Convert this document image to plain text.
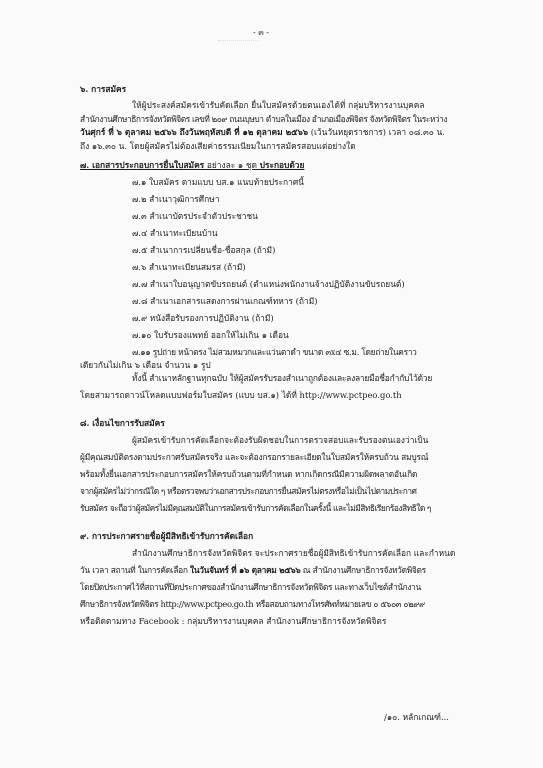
- ๓ -
๖. การสมัคร
ให้ผู้ประสงค์สมัครเข้ารับคัดเลือก ยื่นใบสมัครด้วยตนเองได้ที่ กลุ่มบริหารงานบุคคล
สำนักงานศึกษาธิการจังหวัดพิจิตร เลขที่ ๒๐๙ ถนนบุษบา ตำบลในเมือง อำเภอเมืองพิจิตร จังหวัดพิจิตร ในระหว่าง
วันศุกร์ ที่ ๖ ตุลาคม ๒๕๖๖ ถึงวันพฤหัสบดี ที่ ๑๒ ตุลาคม ๒๕๖๖ (เว้นวันหยุดราชการ) เวลา ๐๘.๓๐ น.
ถึง ๑๖.๓๐ น. โดยผู้สมัครไม่ต้องเสียค่าธรรมเนียมในการสมัครสอบแต่อย่างใด
๗. เอกสารประกอบการยื่นใบสมัคร อย่างละ ๑ ชุด ประกอบด้วย
๗.๑ ใบสมัคร ตามแบบ บส.๑ แนบท้ายประกาศนี้
๗.๒ สำเนาวุฒิการศึกษา
๗.๓ สำเนาบัตรประจำตัวประชาชน
๗.๔ สำเนาทะเบียนบ้าน
๗.๕ สำเนาการเปลี่ยนชื่อ-ชื่อสกุล (ถ้ามี)
๗.๖ สำเนาทะเบียนสมรส (ถ้ามี)
๗.๗ สำเนาใบอนุญาตขับรถยนต์ (ตำแหน่งพนักงานจ้างปฏิบัติงานขับรถยนต์)
๗.๘ สำเนาเอกสารแสดงการผ่านเกณฑ์ทหาร (ถ้ามี)
๗.๙ หนังสือรับรองการปฏิบัติงาน (ถ้ามี)
๗.๑๐ ใบรับรองแพทย์ ออกให้ไม่เกิน ๑ เดือน
๗.๑๑ รูปถ่าย หน้าตรง ไม่สวมหมวกและแว่นตาดำ ขนาด ๓x๔ ซ.ม. โดยถ่ายในคราว
เดียวกันไม่เกิน ๖ เดือน จำนวน ๑ รูป
ทั้งนี้ สำเนาหลักฐานทุกฉบับ ให้ผู้สมัครรับรองสำเนาถูกต้องและลงลายมือชื่อกำกับไว้ด้วย
โดยสามารถดาวน์โหลดแบบฟอร์มใบสมัคร (แบบ บส.๑) ได้ที่ http://www.pctpeo.go.th
๘. เงื่อนไขการรับสมัคร
ผู้สมัครเข้ารับการคัดเลือกจะต้องรับผิดชอบในการตรวจสอบและรับรองตนเองว่าเป็น
ผู้มีคุณสมบัติตรงตามประกาศรับสมัครจริง และจะต้องกรอกรายละเอียดในใบสมัครให้ครบถ้วน สมบูรณ์
พร้อมทั้งยื่นเอกสารประกอบการสมัครให้ครบถ้วนตามที่กำหนด หากเกิดกรณีมีความผิดพลาดอันเกิด
จากผู้สมัครไม่ว่ากรณีใด ๆ หรือตรวจพบว่าเอกสารประกอบการยื่นสมัครไม่ตรงหรือไม่เป็นไปตามประกาศ
รับสมัคร จะถือว่าผู้สมัครไม่มีคุณสมบัติในการสมัครเข้ารับการคัดเลือกในครั้งนี้ และไม่มีสิทธิเรียกร้องสิทธิใด ๆ
๙. การประกาศรายชื่อผู้มีสิทธิเข้ารับการคัดเลือก
สำนักงานศึกษาธิการจังหวัดพิจิตร จะประกาศรายชื่อผู้มีสิทธิเข้ารับการคัดเลือก และกำหนด
วัน เวลา สถานที่ ในการคัดเลือก ในวันจันทร์ ที่ ๑๖ ตุลาคม ๒๕๖๖ ณ สำนักงานศึกษาธิการจังหวัดพิจิตร
โดยปิดประกาศไว้ที่สถานที่ปิดประกาศของสำนักงานศึกษาธิการจังหวัดพิจิตร และทางเว็บไซต์สำนักงาน
ศึกษาธิการจังหวัดพิจิตร http://www.pctpeo.go.th หรือสอบถามทางโทรศัพท์หมายเลข ๐ ๕๖๐๓ ๐๒๙๙
หรือติดตามทาง Facebook : กลุ่มบริหารงานบุคคล สำนักงานศึกษาธิการจังหวัดพิจิตร
/๑๐. หลักเกณฑ์...
